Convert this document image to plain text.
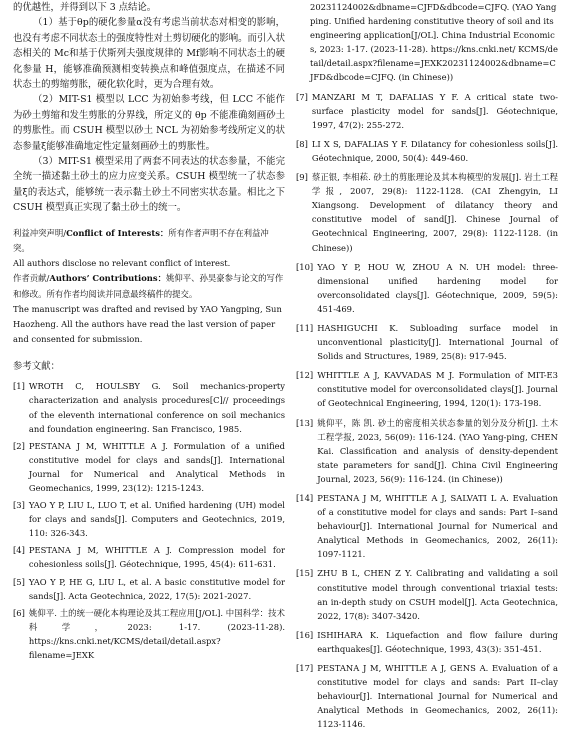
的优越性，并得到以下 3 点结论。

（1）基于θp的硬化参量α没有考虑当前状态对相变的影响，也没有考虑不同状态土的强度特性对土剪切硬化的影响。而引入状态相关的 Mc和基于伏斯列夫强度规律的 Mf影响不同状态土的硬化参量 H，能够准确预测相变转换点和峰值强度点，在描述不同状态土的剪缩剪胀，硬化软化时，更为合理有效。

（2）MIT-S1 模型以 LCC 为初始参考线，但 LCC 不能作为砂土剪缩和发生剪胀的分界线，所定义的 θp 不能准确刻画砂土的剪胀性。而 CSUH 模型以砂土 NCL 为初始参考线所定义的状态参量ξ能够准确地定性定量刻画砂土的剪胀性。

（3）MIT-S1 模型采用了两套不同表达的状态参量，不能完全统一描述黏土砂土的应力应变关系。CSUH 模型统一了状态参量ξ的表达式，能够统一表示黏土砂土不同密实状态量。相比之下 CSUH 模型真正实现了黏土砂土的统一。

利益冲突声明/Conflict of Interests：所有作者声明不存在利益冲突。

All authors disclose no relevant conflict of interest.

作者贡献/Authors’ Contributions：姚仰平、孙昊豪参与论文的写作和修改。所有作者均阅读并同意最终稿件的提交。

The manuscript was drafted and revised by YAO Yangping, Sun Haozheng. All the authors have read the last version of paper and consented for submission.

参考文献：

[1] WROTH C, HOULSBY G. Soil mechanics-property characterization and analysis procedures[C]// proceedings of the eleventh international conference on soil mechanics and foundation engineering. San Francisco, 1985.
[2] PESTANA J M, WHITTLE A J. Formulation of a unified constitutive model for clays and sands[J]. International Journal for Numerical and Analytical Methods in Geomechanics, 1999, 23(12): 1215-1243.
[3] YAO Y P, LIU L, LUO T, et al. Unified hardening (UH) model for clays and sands[J]. Computers and Geotechnics, 2019, 110: 326-343.
[4] PESTANA J M, WHITTLE A J. Compression model for cohesionless soils[J]. Géotechnique, 1995, 45(4): 611-631.
[5] YAO Y P, HE G, LIU L, et al. A basic constitutive model for sands[J]. Acta Geotechnica, 2022, 17(5): 2021-2027.
[6] 姚仰平. 土的统一硬化本构理论及其工程应用[J/OL]. 中国科学：技术科学，2023: 1-17. (2023-11-28). https://kns.cnki.net/KCMS/detail/detail.aspx?filename=JEXK

20231124002&dbname=CJFD&dbcode=CJFQ. (YAO Yangping. Unified hardening constitutive theory of soil and its engineering application[J/OL]. China Industrial Economics, 2023: 1-17. (2023-11-28). https://kns.cnki.net/ KCMS/detail/detail.aspx?filename=JEXK20231124002&dbname=CJFD&dbcode=CJFQ. (in Chinese))

[7] MANZARI M T, DAFALIAS Y F. A critical state two-surface plasticity model for sands[J]. Géotechnique, 1997, 47(2): 255-272.
[8] LI X S, DAFALIAS Y F. Dilatancy for cohesionless soils[J]. Géotechnique, 2000, 50(4): 449-460.
[9] 蔡正银, 李相菘. 砂土的剪胀理论及其本构模型的发展[J]. 岩土工程学报, 2007, 29(8): 1122-1128. (CAI Zhengyin, LI Xiangsong. Development of dilatancy theory and constitutive model of sand[J]. Chinese Journal of Geotechnical Engineering, 2007, 29(8): 1122-1128. (in Chinese))
[10] YAO Y P, HOU W, ZHOU A N. UH model: three-dimensional unified hardening model for overconsolidated clays[J]. Géotechnique, 2009, 59(5): 451-469.
[11] HASHIGUCHI K. Subloading surface model in unconventional plasticity[J]. International Journal of Solids and Structures, 1989, 25(8): 917-945.
[12] WHITTLE A J, KAVVADAS M J. Formulation of MIT-E3 constitutive model for overconsolidated clays[J]. Journal of Geotechnical Engineering, 1994, 120(1): 173-198.
[13] 姚仰平，陈 凯. 砂土的密度相关状态参量的划分及分析[J]. 土木工程学报, 2023, 56(09): 116-124. (YAO Yang-ping, CHEN Kai. Classification and analysis of density-dependent state parameters for sand[J]. China Civil Engineering Journal, 2023, 56(9): 116-124. (in Chinese))
[14] PESTANA J M, WHITTLE A J, SALVATI L A. Evaluation of a constitutive model for clays and sands: Part I–sand behaviour[J]. International Journal for Numerical and Analytical Methods in Geomechanics, 2002, 26(11): 1097-1121.
[15] ZHU B L, CHEN Z Y. Calibrating and validating a soil constitutive model through conventional triaxial tests: an in-depth study on CSUH model[J]. Acta Geotechnica, 2022, 17(8): 3407-3420.
[16] ISHIHARA K. Liquefaction and flow failure during earthquakes[J]. Géotechnique, 1993, 43(3): 351-451.
[17] PESTANA J M, WHITTLE A J, GENS A. Evaluation of a constitutive model for clays and sands: Part II–clay behaviour[J]. International Journal for Numerical and Analytical Methods in Geomechanics, 2002, 26(11): 1123-1146.
